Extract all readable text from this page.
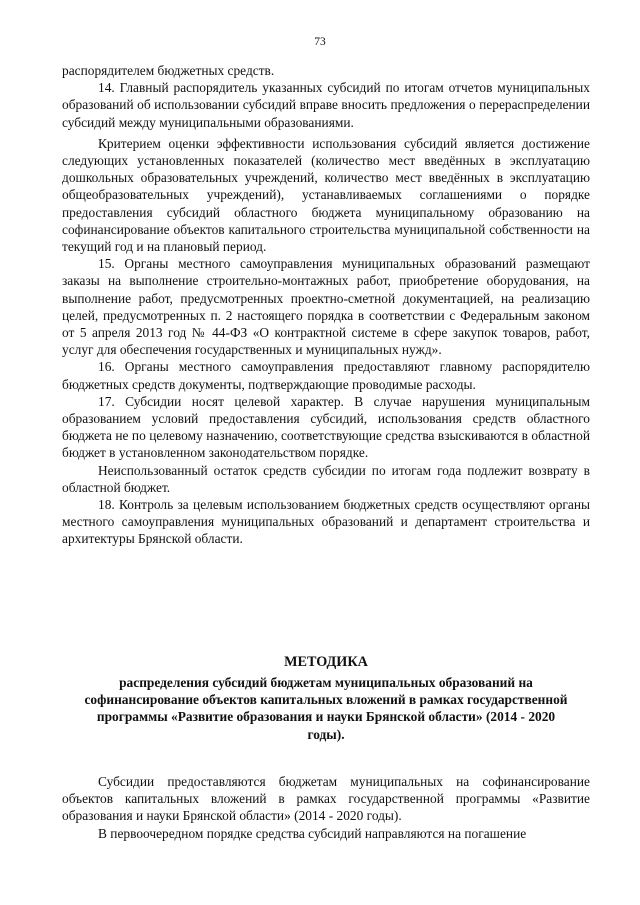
73

распорядителем бюджетных средств.

14. Главный распорядитель указанных субсидий по итогам отчетов муниципальных образований об использовании субсидий вправе вносить предложения о перераспределении субсидий между муниципальными образованиями.

Критерием оценки эффективности использования субсидий является достижение следующих установленных показателей (количество мест введённых в эксплуатацию дошкольных образовательных учреждений, количество мест введённых в эксплуатацию общеобразовательных учреждений), устанавливаемых соглашениями о порядке предоставления субсидий областного бюджета муниципальному образованию на софинансирование объектов капитального строительства муниципальной собственности на текущий год и на плановый период.

15. Органы местного самоуправления муниципальных образований размещают заказы на выполнение строительно-монтажных работ, приобретение оборудования, на выполнение работ, предусмотренных проектно-сметной документацией, на реализацию целей, предусмотренных п. 2 настоящего порядка в соответствии с Федеральным законом от 5 апреля 2013 год № 44-ФЗ «О контрактной системе в сфере закупок товаров, работ, услуг для обеспечения государственных и муниципальных нужд».

16. Органы местного самоуправления предоставляют главному распорядителю бюджетных средств документы, подтверждающие проводимые расходы.

17. Субсидии носят целевой характер. В случае нарушения муниципальным образованием условий предоставления субсидий, использования средств областного бюджета не по целевому назначению, соответствующие средства взыскиваются в областной бюджет в установленном законодательством порядке.

Неиспользованный остаток средств субсидии по итогам года подлежит возврату в областной бюджет.

18. Контроль за целевым использованием бюджетных средств осуществляют органы местного самоуправления муниципальных образований и департамент строительства и архитектуры Брянской области.

МЕТОДИКА
распределения субсидий бюджетам муниципальных образований на софинансирование объектов капитальных вложений в рамках государственной программы «Развитие образования и науки Брянской области» (2014 - 2020 годы).

Субсидии предоставляются бюджетам муниципальных на софинансирование объектов капитальных вложений в рамках государственной программы «Развитие образования и науки Брянской области» (2014 - 2020 годы).

В первоочередном порядке средства субсидий направляются на погашение
